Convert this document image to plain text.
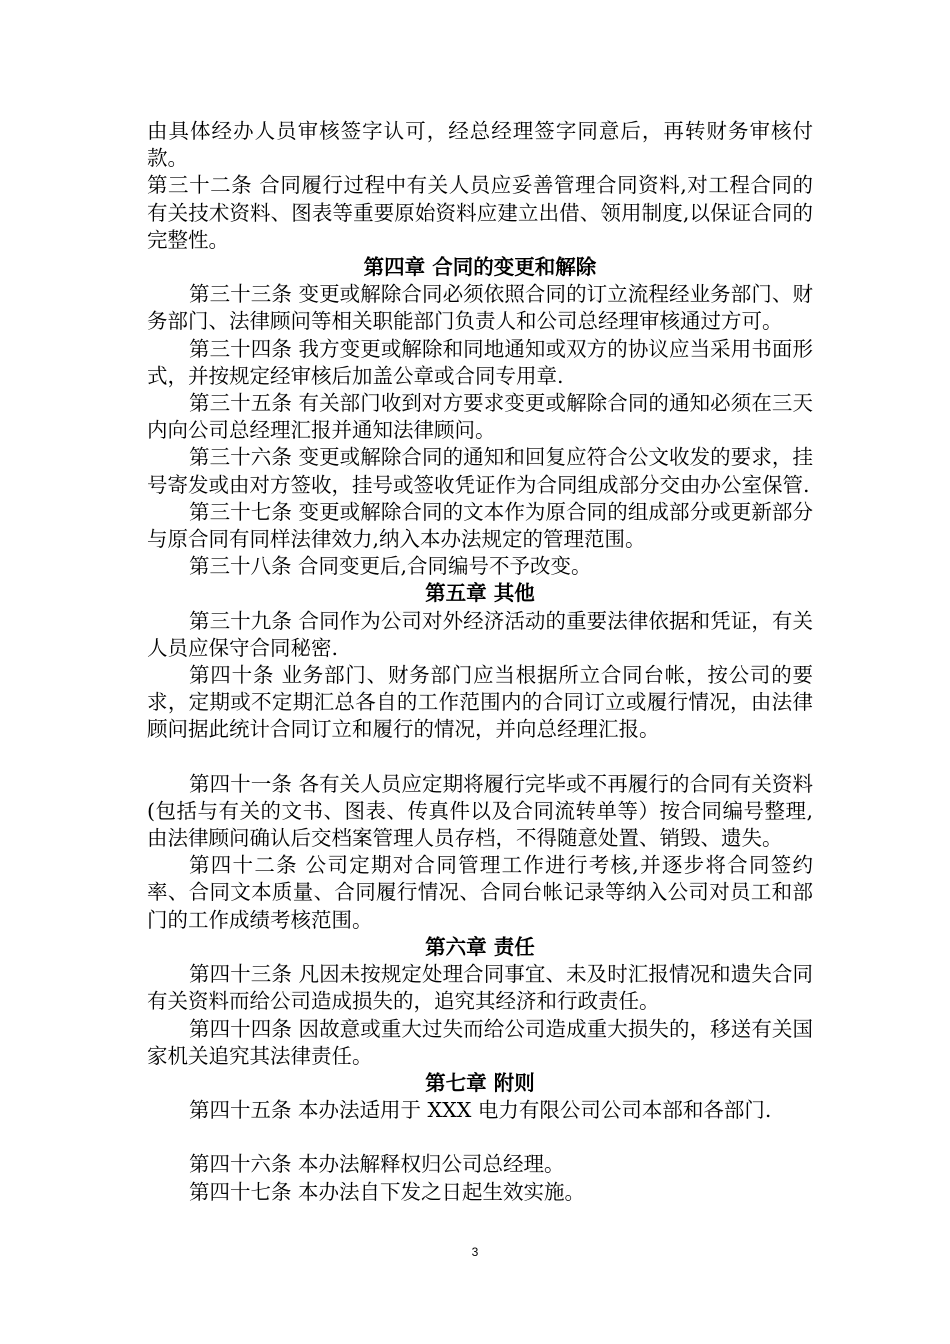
由具体经办人员审核签字认可，经总经理签字同意后，再转财务审核付款。

第三十二条 合同履行过程中有关人员应妥善管理合同资料,对工程合同的有关技术资料、图表等重要原始资料应建立出借、领用制度,以保证合同的完整性。

第四章 合同的变更和解除

第三十三条 变更或解除合同必须依照合同的订立流程经业务部门、财务部门、法律顾问等相关职能部门负责人和公司总经理审核通过方可。

第三十四条 我方变更或解除和同地通知或双方的协议应当采用书面形式，并按规定经审核后加盖公章或合同专用章.

第三十五条 有关部门收到对方要求变更或解除合同的通知必须在三天内向公司总经理汇报并通知法律顾问。

第三十六条 变更或解除合同的通知和回复应符合公文收发的要求，挂号寄发或由对方签收，挂号或签收凭证作为合同组成部分交由办公室保管.

第三十七条 变更或解除合同的文本作为原合同的组成部分或更新部分与原合同有同样法律效力,纳入本办法规定的管理范围。

第三十八条 合同变更后,合同编号不予改变。

第五章 其他

第三十九条 合同作为公司对外经济活动的重要法律依据和凭证，有关人员应保守合同秘密.

第四十条 业务部门、财务部门应当根据所立合同台帐，按公司的要求，定期或不定期汇总各自的工作范围内的合同订立或履行情况，由法律顾问据此统计合同订立和履行的情况，并向总经理汇报。

第四十一条 各有关人员应定期将履行完毕或不再履行的合同有关资料(包括与有关的文书、图表、传真件以及合同流转单等）按合同编号整理,由法律顾问确认后交档案管理人员存档，不得随意处置、销毁、遗失。

第四十二条 公司定期对合同管理工作进行考核,并逐步将合同签约率、合同文本质量、合同履行情况、合同台帐记录等纳入公司对员工和部门的工作成绩考核范围。

第六章 责任

第四十三条 凡因未按规定处理合同事宜、未及时汇报情况和遗失合同有关资料而给公司造成损失的，追究其经济和行政责任。

第四十四条 因故意或重大过失而给公司造成重大损失的，移送有关国家机关追究其法律责任。

第七章 附则

第四十五条 本办法适用于 XXX 电力有限公司公司本部和各部门.

第四十六条 本办法解释权归公司总经理。

第四十七条 本办法自下发之日起生效实施。

3
